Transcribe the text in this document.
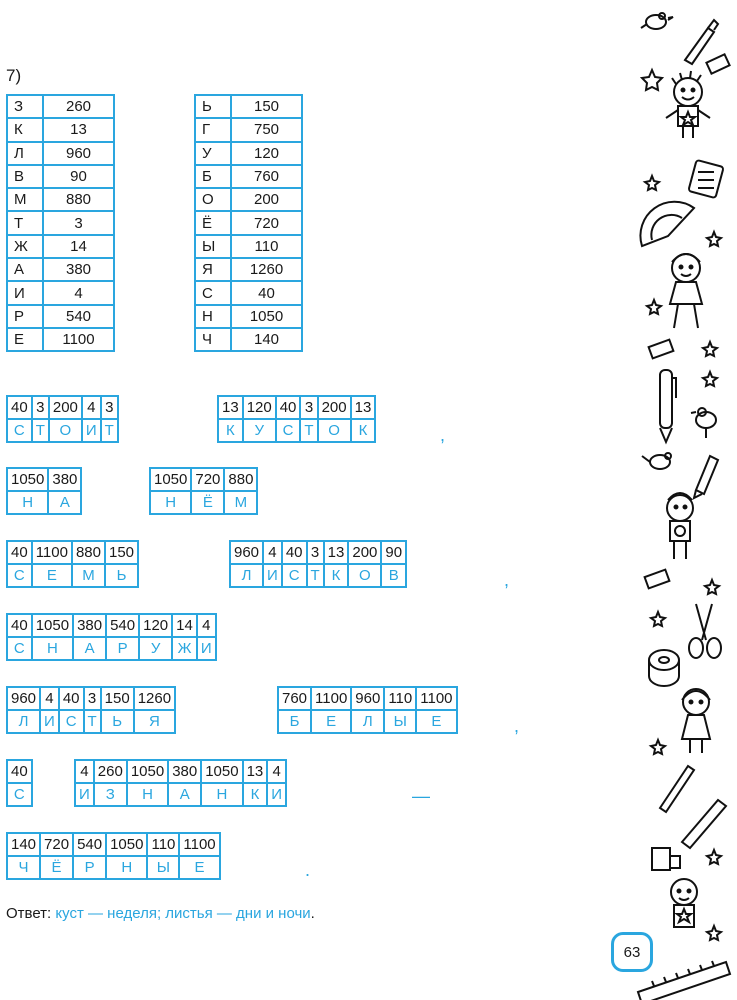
7)
З	260
К	13
Л	960
В	90
М	880
Т	3
Ж	14
А	380
И	4
Р	540
Е	1100
Ь	150
Г	750
У	120
Б	760
О	200
Ё	720
Ы	110
Я	1260
С	40
Н	1050
Ч	140
40	3	200	4	3
С	Т	О	И	Т
13	120	40	3	200	13
К	У	С	Т	О	К
1050	380
Н	А
1050	720	880
Н	Ё	М
40	1100	880	150
С	Е	М	Ь
960	4	40	3	13	200	90
Л	И	С	Т	К	О	В
40	1050	380	540	120	14	4
С	Н	А	Р	У	Ж	И
960	4	40	3	150	1260
Л	И	С	Т	Ь	Я
760	1100	960	110	1100
Б	Е	Л	Ы	Е
40
С
4	260	1050	380	1050	13	4
И	З	Н	А	Н	К	И
140	720	540	1050	110	1100
Ч	Ё	Р	Н	Ы	Е
,
,
,
—
.
Ответ: куст — неделя; листья — дни и ночи.
63
